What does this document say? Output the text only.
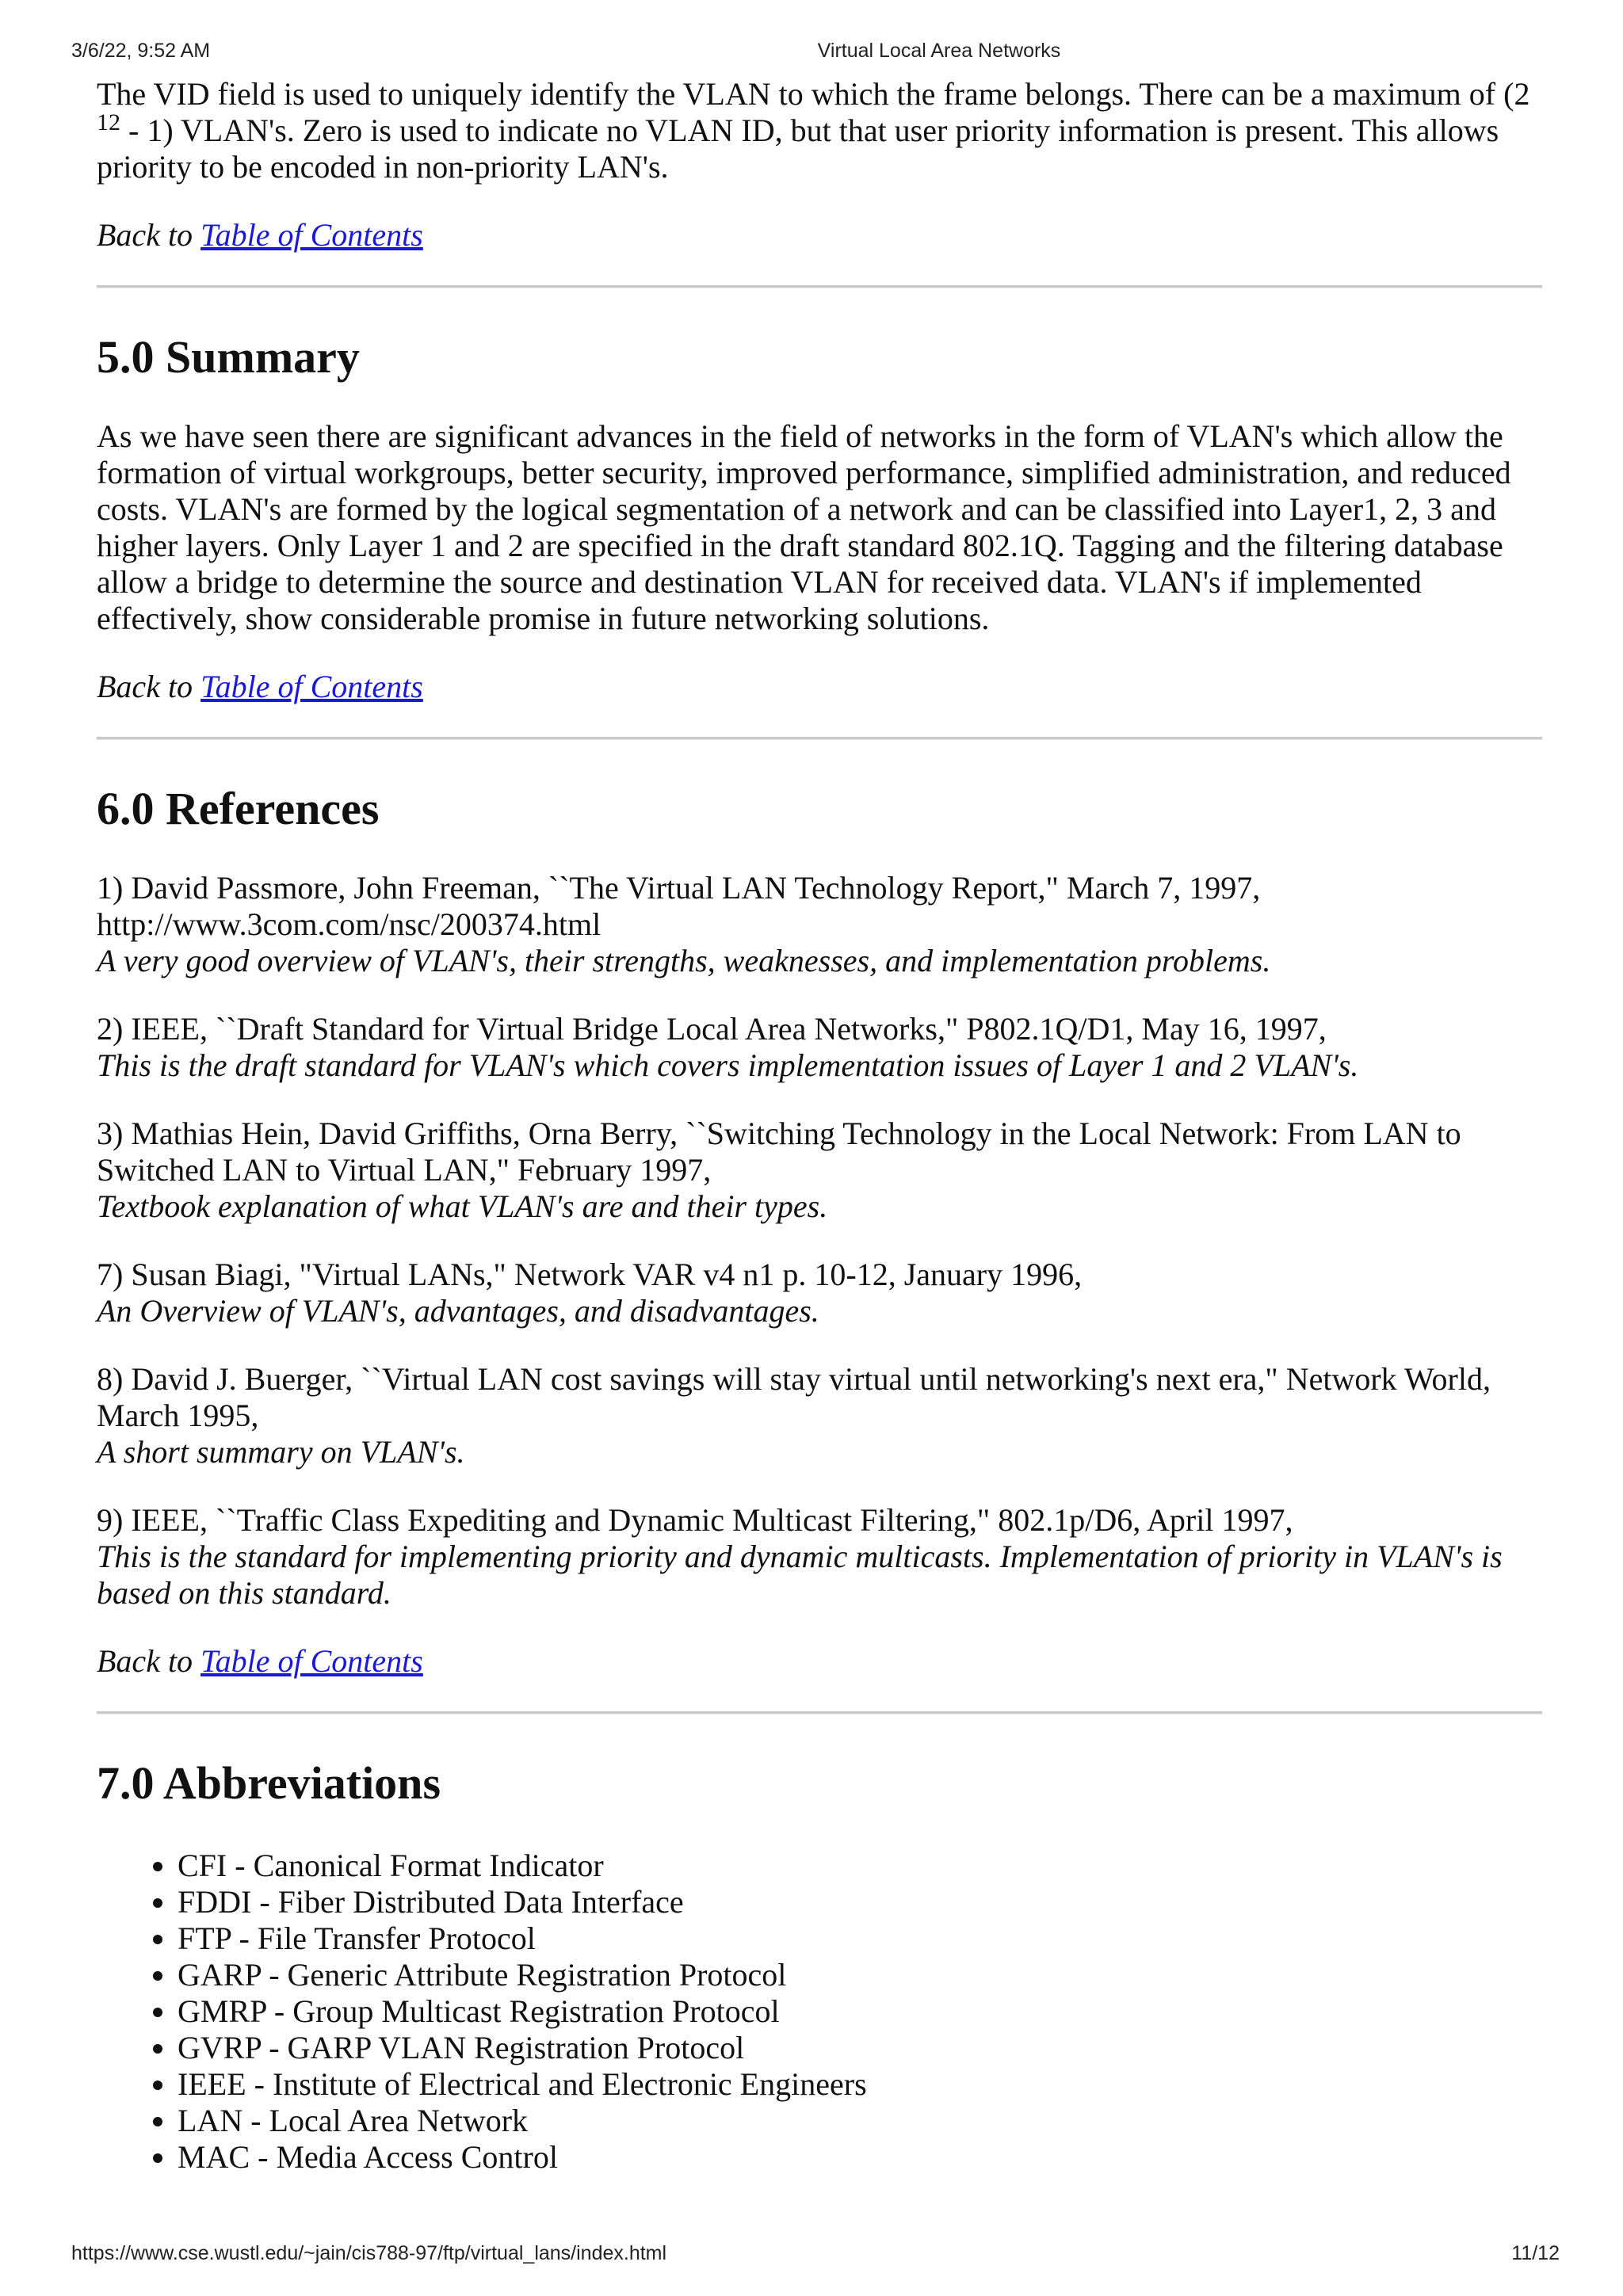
3/6/22, 9:52 AM	Virtual Local Area Networks

The VID field is used to uniquely identify the VLAN to which the frame belongs. There can be a maximum of (2 $^{12}$ - 1) VLAN's. Zero is used to indicate no VLAN ID, but that user priority information is present. This allows priority to be encoded in non-priority LAN's.

Back to Table of Contents

5.0 Summary

As we have seen there are significant advances in the field of networks in the form of VLAN's which allow the formation of virtual workgroups, better security, improved performance, simplified administration, and reduced costs. VLAN's are formed by the logical segmentation of a network and can be classified into Layer1, 2, 3 and higher layers. Only Layer 1 and 2 are specified in the draft standard 802.1Q. Tagging and the filtering database allow a bridge to determine the source and destination VLAN for received data. VLAN's if implemented effectively, show considerable promise in future networking solutions.

Back to Table of Contents

6.0 References

1) David Passmore, John Freeman, ``The Virtual LAN Technology Report," March 7, 1997, http://www.3com.com/nsc/200374.html
A very good overview of VLAN's, their strengths, weaknesses, and implementation problems.

2) IEEE, ``Draft Standard for Virtual Bridge Local Area Networks," P802.1Q/D1, May 16, 1997,
This is the draft standard for VLAN's which covers implementation issues of Layer 1 and 2 VLAN's.

3) Mathias Hein, David Griffiths, Orna Berry, ``Switching Technology in the Local Network: From LAN to Switched LAN to Virtual LAN," February 1997,
Textbook explanation of what VLAN's are and their types.

7) Susan Biagi, "Virtual LANs," Network VAR v4 n1 p. 10-12, January 1996,
An Overview of VLAN's, advantages, and disadvantages.

8) David J. Buerger, ``Virtual LAN cost savings will stay virtual until networking's next era," Network World, March 1995,
A short summary on VLAN's.

9) IEEE, ``Traffic Class Expediting and Dynamic Multicast Filtering," 802.1p/D6, April 1997,
This is the standard for implementing priority and dynamic multicasts. Implementation of priority in VLAN's is based on this standard.

Back to Table of Contents

7.0 Abbreviations
• CFI - Canonical Format Indicator
• FDDI - Fiber Distributed Data Interface
• FTP - File Transfer Protocol
• GARP - Generic Attribute Registration Protocol
• GMRP - Group Multicast Registration Protocol
• GVRP - GARP VLAN Registration Protocol
• IEEE - Institute of Electrical and Electronic Engineers
• LAN - Local Area Network
• MAC - Media Access Control
https://www.cse.wustl.edu/~jain/cis788-97/ftp/virtual_lans/index.html	11/12
